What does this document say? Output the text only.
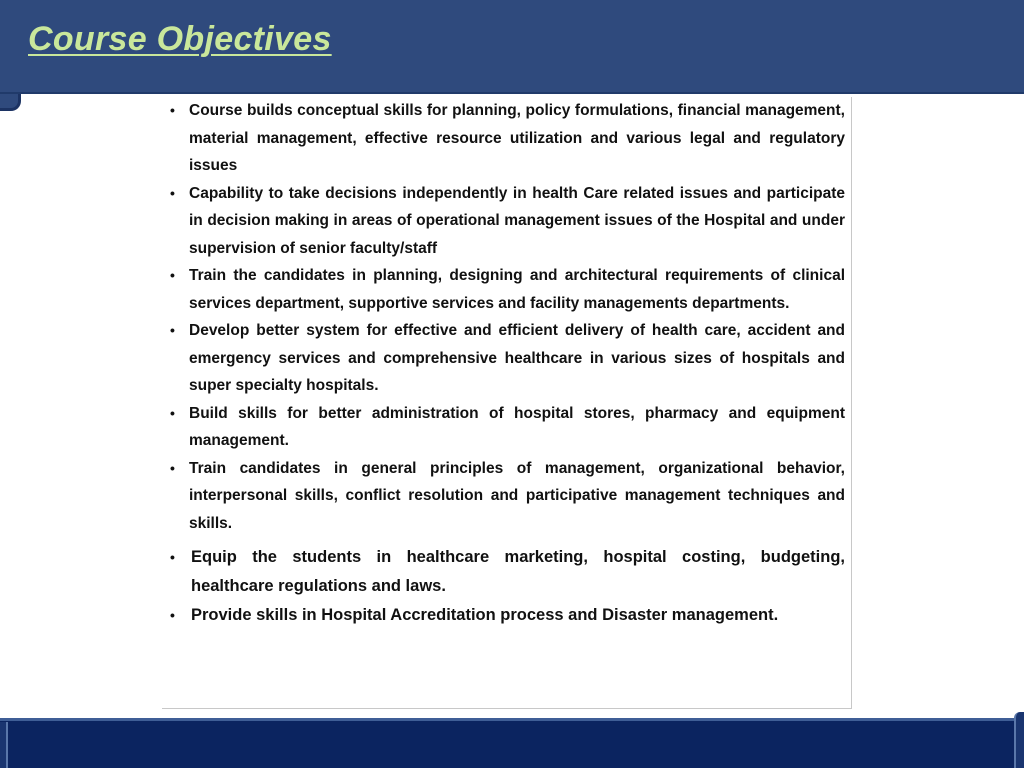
Course Objectives
• Course builds conceptual skills for planning, policy formulations, financial management, material management, effective resource utilization and various legal and regulatory issues
• Capability to take decisions independently in health Care related issues and participate in decision making in areas of operational management issues of the Hospital and under supervision of senior faculty/staff
• Train the candidates in planning, designing and architectural requirements of clinical services department, supportive services and facility managements departments.
• Develop better system for effective and efficient delivery of health care, accident and emergency services and comprehensive healthcare in various sizes of hospitals and super specialty hospitals.
• Build skills for better administration of hospital stores, pharmacy and equipment management.
• Train candidates in general principles of management, organizational behavior, interpersonal skills, conflict resolution and participative management techniques and skills.
• Equip the students in healthcare marketing, hospital costing, budgeting, healthcare regulations and laws.
• Provide skills in Hospital Accreditation process and Disaster management.
